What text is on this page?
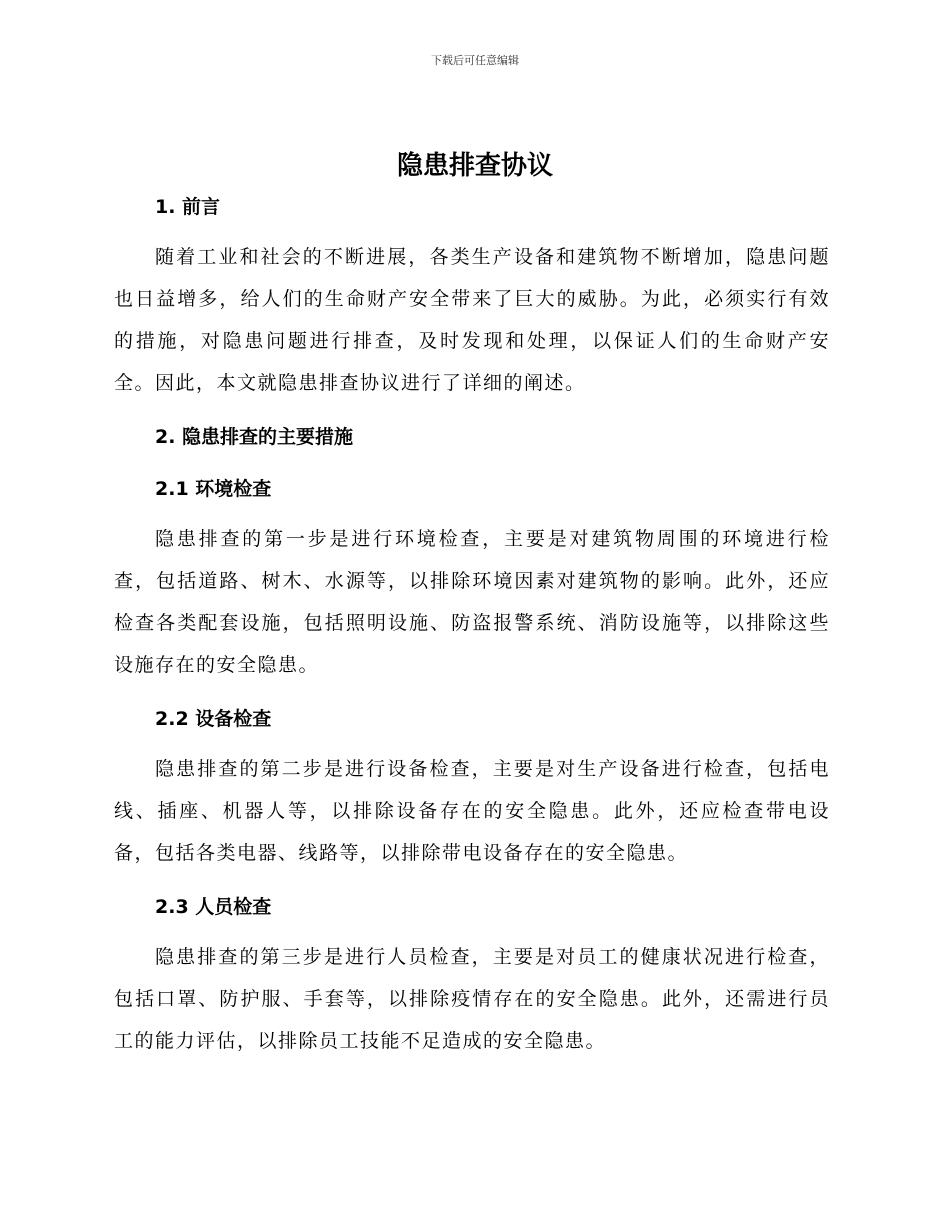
下载后可任意编辑
隐患排查协议
1. 前言

随着工业和社会的不断进展，各类生产设备和建筑物不断增加，隐患问题也日益增多，给人们的生命财产安全带来了巨大的威胁。为此，必须实行有效的措施，对隐患问题进行排查，及时发现和处理，以保证人们的生命财产安全。因此，本文就隐患排查协议进行了详细的阐述。

2. 隐患排查的主要措施
2.1 环境检查

隐患排查的第一步是进行环境检查，主要是对建筑物周围的环境进行检查，包括道路、树木、水源等，以排除环境因素对建筑物的影响。此外，还应检查各类配套设施，包括照明设施、防盗报警系统、消防设施等，以排除这些设施存在的安全隐患。

2.2 设备检查

隐患排查的第二步是进行设备检查，主要是对生产设备进行检查，包括电线、插座、机器人等，以排除设备存在的安全隐患。此外，还应检查带电设备，包括各类电器、线路等，以排除带电设备存在的安全隐患。

2.3 人员检查

隐患排查的第三步是进行人员检查，主要是对员工的健康状况进行检查，包括口罩、防护服、手套等，以排除疫情存在的安全隐患。此外，还需进行员工的能力评估，以排除员工技能不足造成的安全隐患。
